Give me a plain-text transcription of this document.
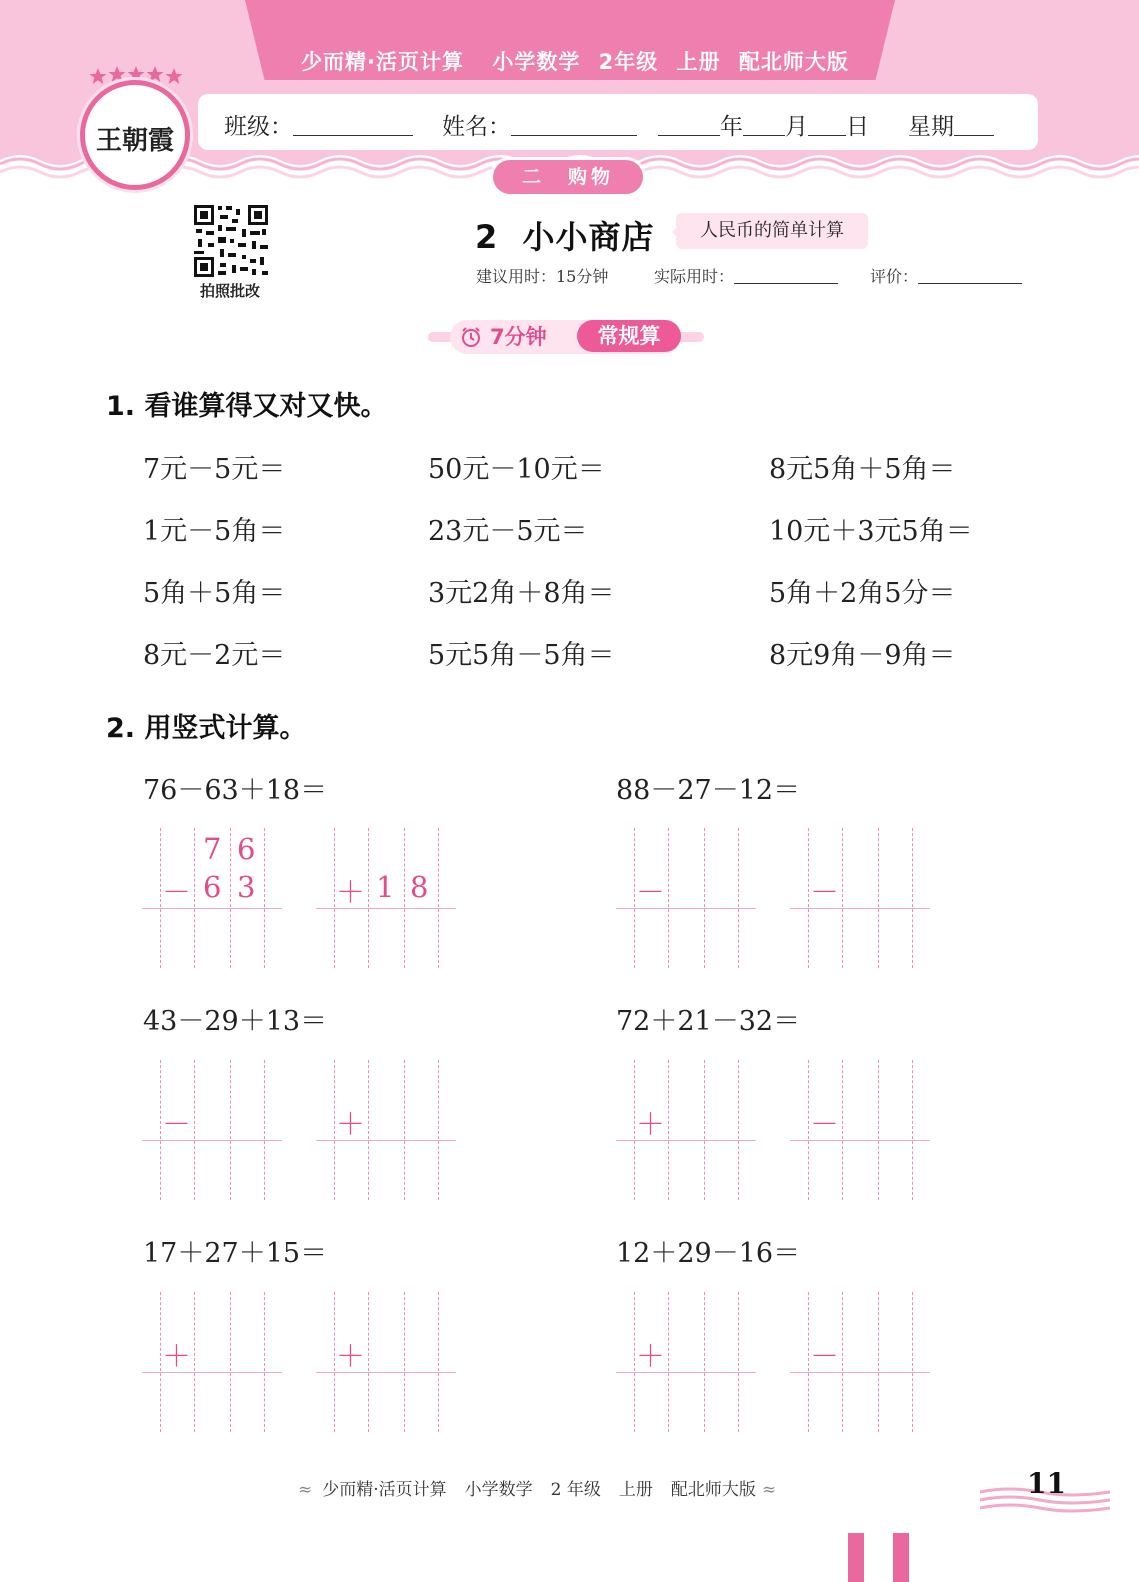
少而精·活页计算 小学数学 2年级 上册 配北师大版
王朝霞	班级：	姓名：	年 月 日 星期
二　购物
拍照批改
2  小小商店	人民币的简单计算
建议用时：15分钟	实际用时：	评价：
7分钟	常规算
1. 看谁算得又对又快。
7元－5元＝	50元－10元＝	8元5角＋5角＝
1元－5角＝	23元－5元＝	10元＋3元5角＝
5角＋5角＝	3元2角＋8角＝	5角＋2角5分＝
8元－2元＝	5元5角－5角＝	8元9角－9角＝
2. 用竖式计算。
76－63＋18＝	88－27－12＝
43－29＋13＝	72＋21－32＝
17＋27＋15＝	12＋29－16＝
－	＋	－	－
－	＋	＋	－
＋	＋	＋	－
7 6
6 3	1 8
≈ 少而精·活页计算 小学数学 2 年级 上册 配北师大版 ≈	11
